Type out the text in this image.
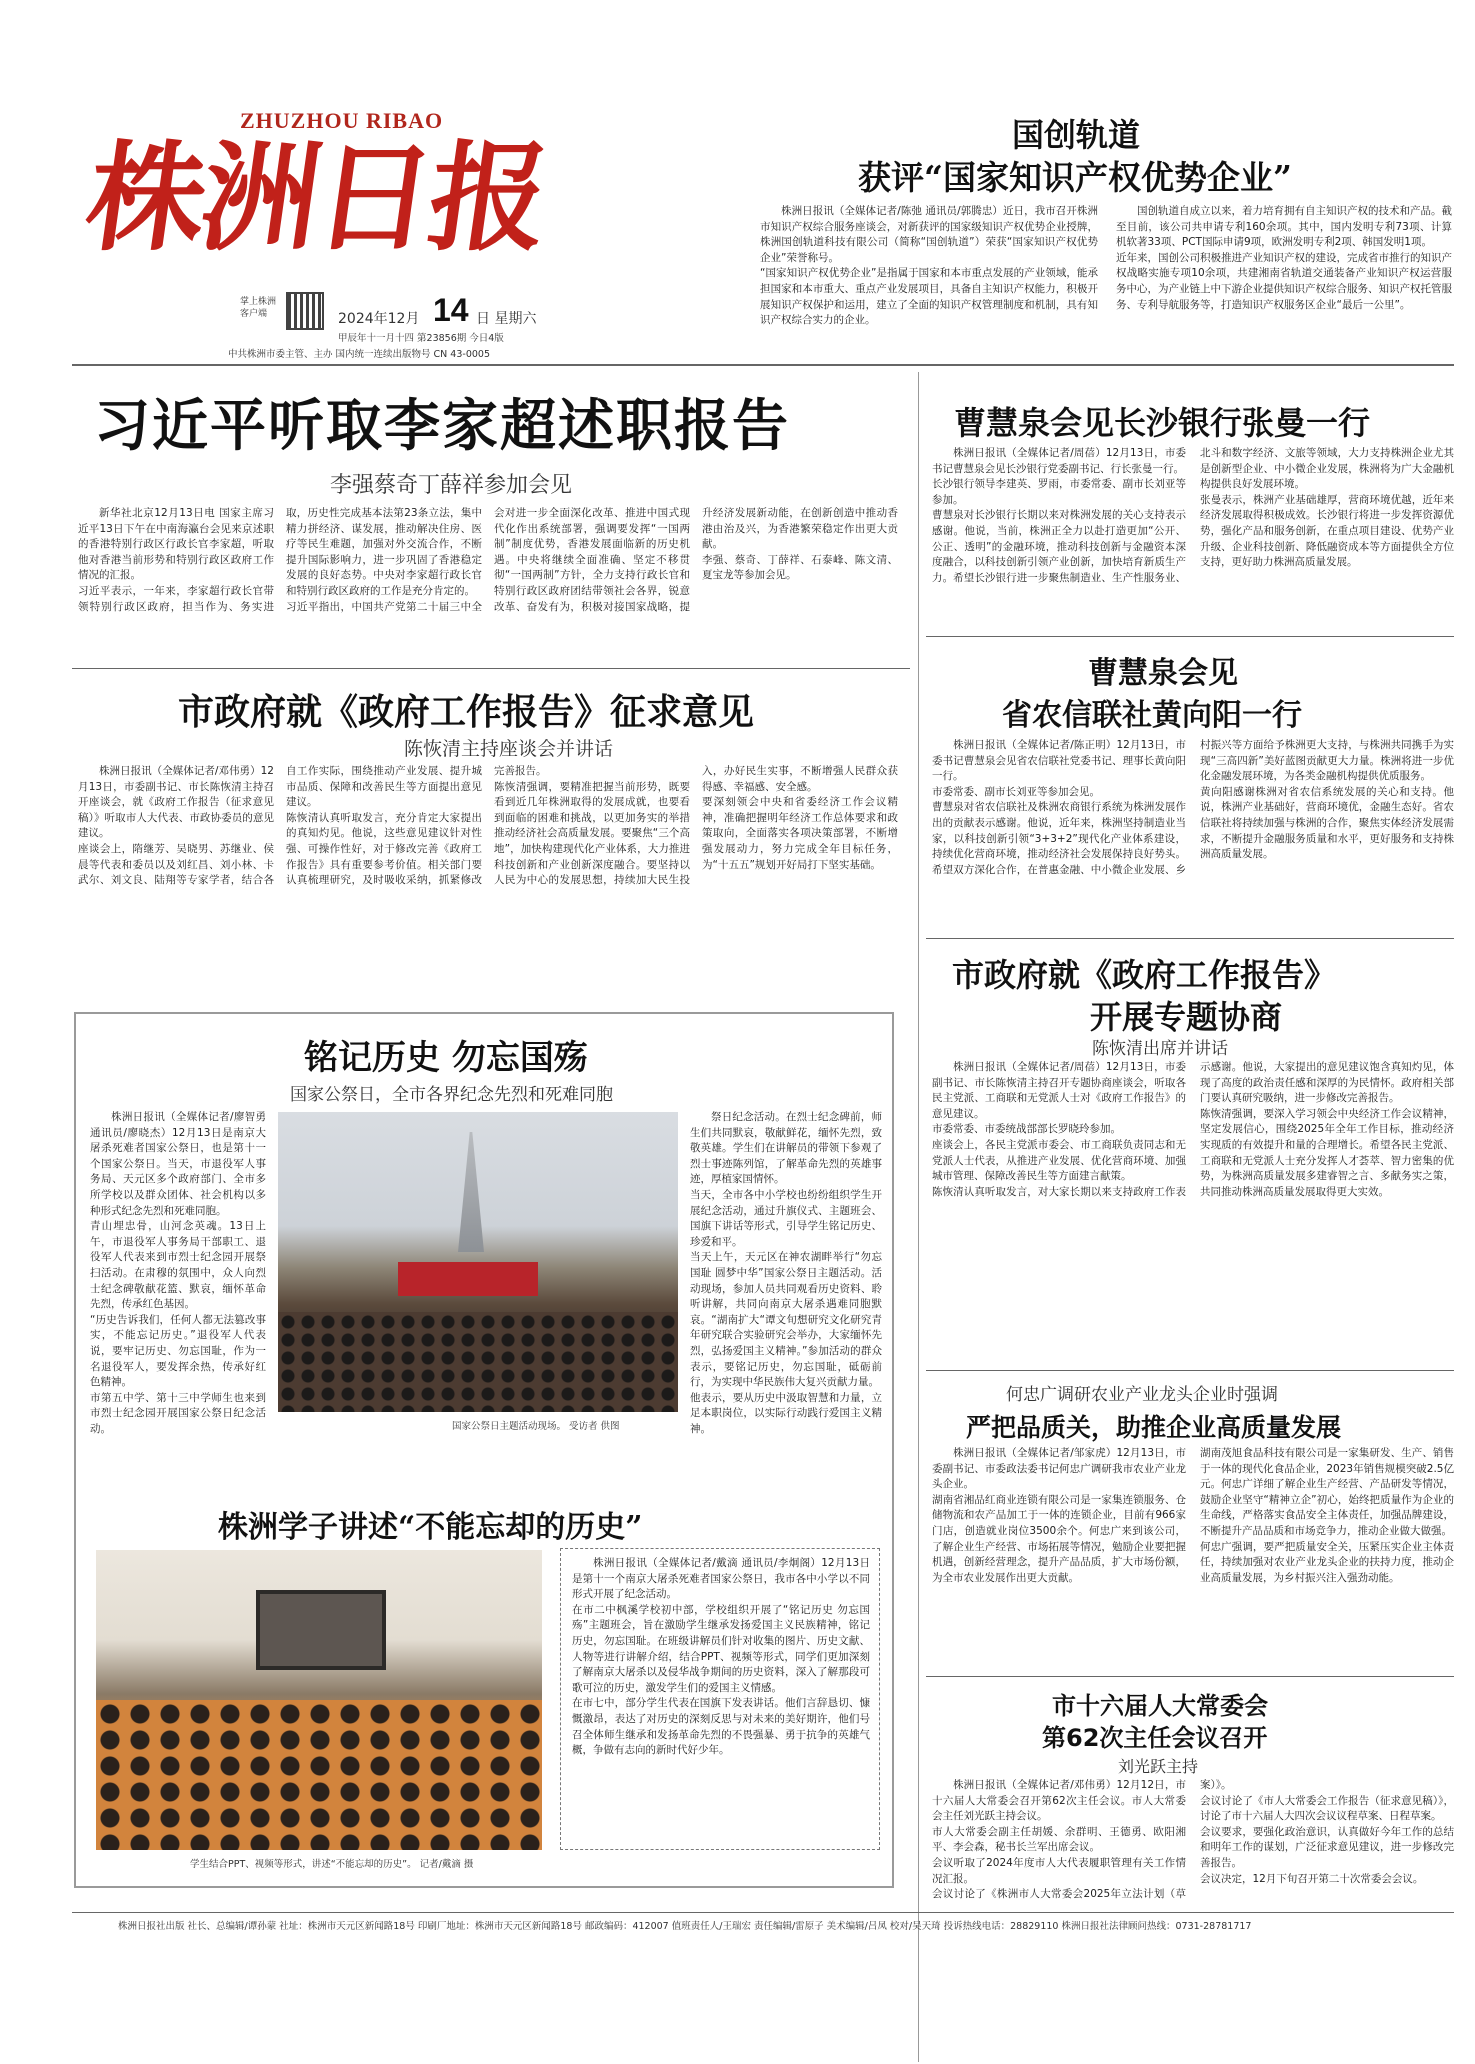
ZHUZHOU RIBAO
株洲日报
掌上株洲
客户端	2024年12月 14 日 星期六
甲辰年十一月十四 第23856期 今日4版
中共株洲市委主管、主办 国内统一连续出版物号 CN 43-0005
国创轨道
获评“国家知识产权优势企业”
株洲日报讯（全媒体记者/陈弛 通讯员/郭腾忠）近日，我市召开株洲市知识产权综合服务座谈会，对新获评的国家级知识产权优势企业授牌，株洲国创轨道科技有限公司（简称“国创轨道”）荣获“国家知识产权优势企业”荣誉称号。
“国家知识产权优势企业”是指属于国家和本市重点发展的产业领域，能承担国家和本市重大、重点产业发展项目，具备自主知识产权能力，积极开展知识产权保护和运用，建立了全面的知识产权管理制度和机制，具有知识产权综合实力的企业。
国创轨道自成立以来，着力培育拥有自主知识产权的技术和产品。截至目前，该公司共申请专利160余项。其中，国内发明专利73项、计算机软著33项、PCT国际申请9项，欧洲发明专利2项、韩国发明1项。
近年来，国创公司积极推进产业知识产权的建设，完成省市推行的知识产权战略实施专项10余项，共建湘南省轨道交通装备产业知识产权运营服务中心，为产业链上中下游企业提供知识产权综合服务、知识产权托管服务、专利导航服务等，打造知识产权服务区企业“最后一公里”。
习近平听取李家超述职报告
李强蔡奇丁薛祥参加会见
新华社北京12月13日电 国家主席习近平13日下午在中南海瀛台会见来京述职的香港特别行政区行政长官李家超，听取他对香港当前形势和特别行政区政府工作情况的汇报。
习近平表示，一年来，李家超行政长官带领特别行政区政府，担当作为、务实进取，历史性完成基本法第23条立法，集中精力拼经济、谋发展，推动解决住房、医疗等民生难题，加强对外交流合作，不断提升国际影响力，进一步巩固了香港稳定发展的良好态势。中央对李家超行政长官和特别行政区政府的工作是充分肯定的。
习近平指出，中国共产党第二十届三中全会对进一步全面深化改革、推进中国式现代化作出系统部署，强调要发挥“一国两制”制度优势，香港发展面临新的历史机遇。中央将继续全面准确、坚定不移贯彻“一国两制”方针，全力支持行政长官和特别行政区政府团结带领社会各界，锐意改革、奋发有为，积极对接国家战略，提升经济发展新动能，在创新创造中推动香港由治及兴，为香港繁荣稳定作出更大贡献。
李强、蔡奇、丁薛祥、石泰峰、陈文清、夏宝龙等参加会见。
曹慧泉会见长沙银行张曼一行
株洲日报讯（全媒体记者/周蓓）12月13日，市委书记曹慧泉会见长沙银行党委副书记、行长张曼一行。
长沙银行领导李建英、罗雨，市委常委、副市长刘亚等参加。
曹慧泉对长沙银行长期以来对株洲发展的关心支持表示感谢。他说，当前，株洲正全力以赴打造更加“公开、公正、透明”的金融环境，推动科技创新与金融资本深度融合，以科技创新引领产业创新，加快培育新质生产力。希望长沙银行进一步聚焦制造业、生产性服务业、北斗和数字经济、文旅等领域，大力支持株洲企业尤其是创新型企业、中小微企业发展，株洲将为广大金融机构提供良好发展环境。
张曼表示，株洲产业基础雄厚，营商环境优越，近年来经济发展取得积极成效。长沙银行将进一步发挥资源优势，强化产品和服务创新，在重点项目建设、优势产业升级、企业科技创新、降低融资成本等方面提供全方位支持，更好助力株洲高质量发展。
曹慧泉会见
省农信联社黄向阳一行
株洲日报讯（全媒体记者/陈正明）12月13日，市委书记曹慧泉会见省农信联社党委书记、理事长黄向阳一行。
市委常委、副市长刘亚等参加会见。
曹慧泉对省农信联社及株洲农商银行系统为株洲发展作出的贡献表示感谢。他说，近年来，株洲坚持制造业当家，以科技创新引领“3+3+2”现代化产业体系建设，持续优化营商环境，推动经济社会发展保持良好势头。希望双方深化合作，在普惠金融、中小微企业发展、乡村振兴等方面给予株洲更大支持，与株洲共同携手为实现“三高四新”美好蓝图贡献更大力量。株洲将进一步优化金融发展环境，为各类金融机构提供优质服务。
黄向阳感谢株洲对省农信系统发展的关心和支持。他说，株洲产业基础好，营商环境优，金融生态好。省农信联社将持续加强与株洲的合作，聚焦实体经济发展需求，不断提升金融服务质量和水平，更好服务和支持株洲高质量发展。
市政府就《政府工作报告》征求意见
陈恢清主持座谈会并讲话
株洲日报讯（全媒体记者/邓伟勇）12月13日，市委副书记、市长陈恢清主持召开座谈会，就《政府工作报告（征求意见稿）》听取市人大代表、市政协委员的意见建议。
座谈会上，隋继芳、吴晓男、苏继业、侯晨等代表和委员以及刘红昌、刘小林、卡武尔、刘文良、陆翔等专家学者，结合各自工作实际，围绕推动产业发展、提升城市品质、保障和改善民生等方面提出意见建议。
陈恢清认真听取发言，充分肯定大家提出的真知灼见。他说，这些意见建议针对性强、可操作性好，对于修改完善《政府工作报告》具有重要参考价值。相关部门要认真梳理研究，及时吸收采纳，抓紧修改完善报告。
陈恢清强调，要精准把握当前形势，既要看到近几年株洲取得的发展成就，也要看到面临的困难和挑战，以更加务实的举措推动经济社会高质量发展。要聚焦“三个高地”，加快构建现代化产业体系，大力推进科技创新和产业创新深度融合。要坚持以人民为中心的发展思想，持续加大民生投入，办好民生实事，不断增强人民群众获得感、幸福感、安全感。
要深刻领会中央和省委经济工作会议精神，准确把握明年经济工作总体要求和政策取向，全面落实各项决策部署，不断增强发展动力，努力完成全年目标任务，为“十五五”规划开好局打下坚实基础。
市政府就《政府工作报告》
开展专题协商
陈恢清出席并讲话
株洲日报讯（全媒体记者/周蓓）12月13日，市委副书记、市长陈恢清主持召开专题协商座谈会，听取各民主党派、工商联和无党派人士对《政府工作报告》的意见建议。
市委常委、市委统战部部长罗晓玲参加。
座谈会上，各民主党派市委会、市工商联负责同志和无党派人士代表，从推进产业发展、优化营商环境、加强城市管理、保障改善民生等方面建言献策。
陈恢清认真听取发言，对大家长期以来支持政府工作表示感谢。他说，大家提出的意见建议饱含真知灼见，体现了高度的政治责任感和深厚的为民情怀。政府相关部门要认真研究吸纳，进一步修改完善报告。
陈恢清强调，要深入学习领会中央经济工作会议精神，坚定发展信心，围绕2025年全年工作目标，推动经济实现质的有效提升和量的合理增长。希望各民主党派、工商联和无党派人士充分发挥人才荟萃、智力密集的优势，为株洲高质量发展多建睿智之言、多献务实之策，共同推动株洲高质量发展取得更大实效。
铭记历史 勿忘国殇
国家公祭日，全市各界纪念先烈和死难同胞
株洲日报讯（全媒体记者/廖智勇 通讯员/廖晓杰）12月13日是南京大屠杀死难者国家公祭日，也是第十一个国家公祭日。当天，市退役军人事务局、天元区多个政府部门、全市多所学校以及群众团体、社会机构以多种形式纪念先烈和死难同胞。
青山埋忠骨，山河念英魂。13日上午，市退役军人事务局干部职工、退役军人代表来到市烈士纪念园开展祭扫活动。在肃穆的氛围中，众人向烈士纪念碑敬献花篮、默哀，缅怀革命先烈，传承红色基因。
“历史告诉我们，任何人都无法篡改事实，不能忘记历史。”退役军人代表说，要牢记历史、勿忘国耻，作为一名退役军人，要发挥余热，传承好红色精神。
市第五中学、第十三中学师生也来到市烈士纪念园开展国家公祭日纪念活动。	国家公祭日主题活动现场。 受访者 供图
祭日纪念活动。在烈士纪念碑前，师生们共同默哀，敬献鲜花，缅怀先烈，致敬英雄。学生们在讲解员的带领下参观了烈士事迹陈列馆，了解革命先烈的英雄事迹，厚植家国情怀。
当天，全市各中小学校也纷纷组织学生开展纪念活动，通过升旗仪式、主题班会、国旗下讲话等形式，引导学生铭记历史、珍爱和平。
当天上午，天元区在神农湖畔举行“勿忘国耻 圆梦中华”国家公祭日主题活动。活动现场，参加人员共同观看历史资料、聆听讲解，共同向南京大屠杀遇难同胞默哀。“湖南扩大“谭文旬想研究文化研究青年研究联合实验研究会举办，大家缅怀先烈，弘扬爱国主义精神。”参加活动的群众表示，要铭记历史，勿忘国耻，砥砺前行，为实现中华民族伟大复兴贡献力量。
他表示，要从历史中汲取智慧和力量，立足本职岗位，以实际行动践行爱国主义精神。
株洲学子讲述“不能忘却的历史”
学生结合PPT、视频等形式，讲述“不能忘却的历史”。 记者/戴滴 摄
株洲日报讯（全媒体记者/戴滴 通讯员/李炯阁）12月13日是第十一个南京大屠杀死难者国家公祭日，我市各中小学以不同形式开展了纪念活动。
在市二中枫溪学校初中部，学校组织开展了“铭记历史 勿忘国殇”主题班会，旨在激励学生继承发扬爱国主义民族精神，铭记历史，勿忘国耻。在班级讲解员们针对收集的图片、历史文献、人物等进行讲解介绍，结合PPT、视频等形式，同学们更加深刻了解南京大屠杀以及侵华战争期间的历史资料，深入了解那段可歌可泣的历史，激发学生们的爱国主义情感。
在市七中，部分学生代表在国旗下发表讲话。他们言辞恳切、慷慨激昂，表达了对历史的深刻反思与对未来的美好期许，他们号召全体师生继承和发扬革命先烈的不畏强暴、勇于抗争的英雄气概，争做有志向的新时代好少年。
何忠广调研农业产业龙头企业时强调
严把品质关，助推企业高质量发展
株洲日报讯（全媒体记者/邹家虎）12月13日，市委副书记、市委政法委书记何忠广调研我市农业产业龙头企业。
湖南省湘品红商业连锁有限公司是一家集连锁服务、仓储物流和农产品加工于一体的连锁企业，目前有966家门店，创造就业岗位3500余个。何忠广来到该公司，了解企业生产经营、市场拓展等情况，勉励企业要把握机遇，创新经营理念，提升产品品质，扩大市场份额，为全市农业发展作出更大贡献。
湖南茂旭食品科技有限公司是一家集研发、生产、销售于一体的现代化食品企业，2023年销售规模突破2.5亿元。何忠广详细了解企业生产经营、产品研发等情况，鼓励企业坚守“精神立企”初心，始终把质量作为企业的生命线，严格落实食品安全主体责任，加强品牌建设，不断提升产品品质和市场竞争力，推动企业做大做强。
何忠广强调，要严把质量安全关，压紧压实企业主体责任，持续加强对农业产业龙头企业的扶持力度，推动企业高质量发展，为乡村振兴注入强劲动能。
市十六届人大常委会
第62次主任会议召开
刘光跃主持
株洲日报讯（全媒体记者/邓伟勇）12月12日，市十六届人大常委会召开第62次主任会议。市人大常委会主任刘光跃主持会议。
市人大常委会副主任胡媛、余群明、王德勇、欧阳湘平、李会森，秘书长兰军出席会议。
会议听取了2024年度市人大代表履职管理有关工作情况汇报。
会议讨论了《株洲市人大常委会2025年立法计划（草案）》。
会议讨论了《市人大常委会工作报告（征求意见稿）》，讨论了市十六届人大四次会议议程草案、日程草案。
会议要求，要强化政治意识，认真做好今年工作的总结和明年工作的谋划，广泛征求意见建议，进一步修改完善报告。
会议决定，12月下旬召开第二十次常委会会议。
株洲日报社出版 社长、总编辑/谭孙蒙 社址：株洲市天元区新闻路18号 印刷厂地址：株洲市天元区新闻路18号 邮政编码：412007 值班责任人/王瑞宏 责任编辑/雷原子 美术编辑/吕凤 校对/吴天琦 投诉热线电话：28829110 株洲日报社法律顾问热线：0731-28781717
